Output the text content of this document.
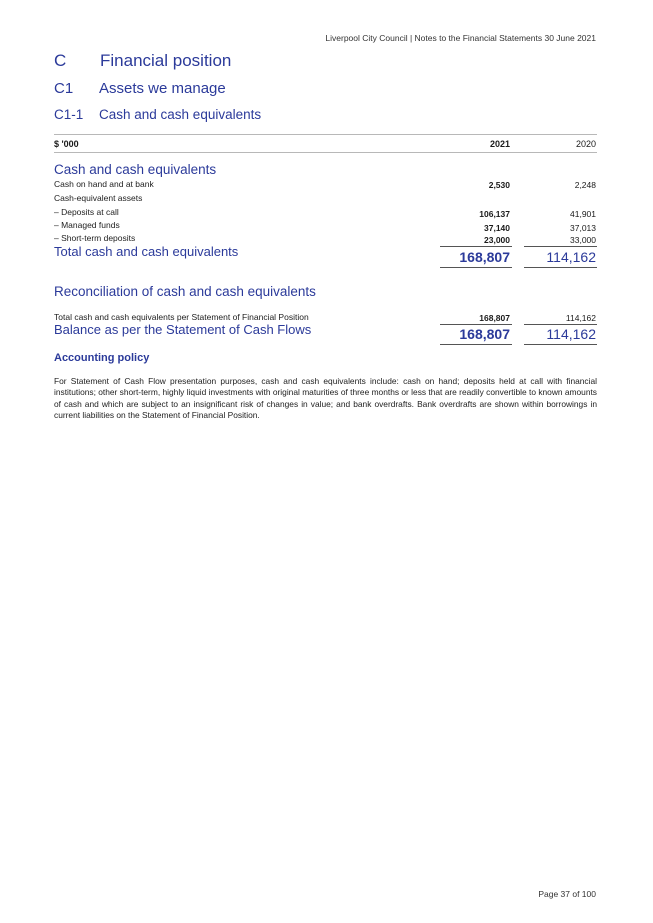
Liverpool City Council | Notes to the Financial Statements 30 June 2021
C Financial position
C1 Assets we manage
C1-1 Cash and cash equivalents
$ '000	2021	2020
Cash and cash equivalents
Cash on hand and at bank	2,530	2,248
Cash-equivalent assets
– Deposits at call	106,137	41,901
– Managed funds	37,140	37,013
– Short-term deposits	23,000	33,000
Total cash and cash equivalents	168,807	114,162
Reconciliation of cash and cash equivalents
Total cash and cash equivalents per Statement of Financial Position	168,807	114,162
Balance as per the Statement of Cash Flows	168,807	114,162
Accounting policy
For Statement of Cash Flow presentation purposes, cash and cash equivalents include: cash on hand; deposits held at call with financial institutions; other short-term, highly liquid investments with original maturities of three months or less that are readily convertible to known amounts of cash and which are subject to an insignificant risk of changes in value; and bank overdrafts. Bank overdrafts are shown within borrowings in current liabilities on the Statement of Financial Position.
Page 37 of 100
